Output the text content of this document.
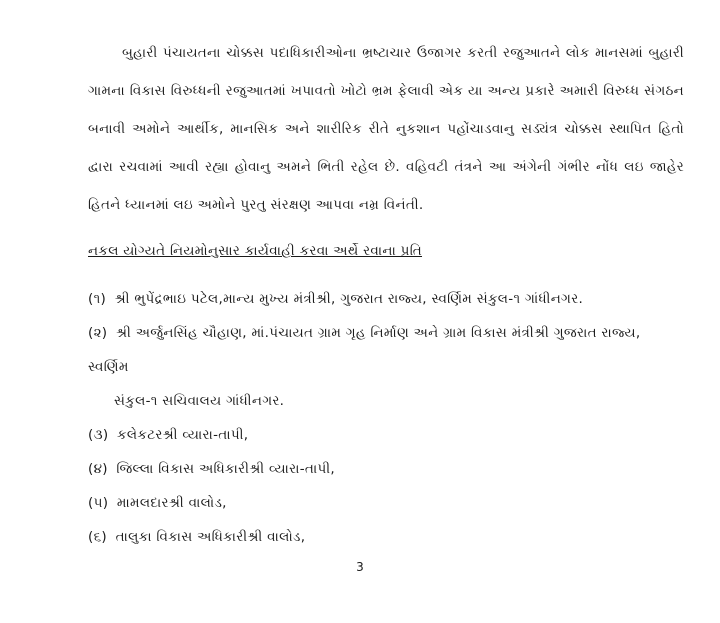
બુહારી પંચાયતના ચોક્કસ પદાધિકારીઓના ભ્રષ્ટાચાર ઉજાગર કરતી રજુઆતને લોક માનસમાં બુહારી ગામના વિકાસ વિરુધ્ધની રજુઆતમાં ખપાવતો ખોટો ભ્રમ ફેલાવી એક યા અન્ય પ્રકારે અમારી વિરુધ્ધ સંગઠન બનાવી અમોને આર્થીક, માનસિક અને શારીરિક રીતે નુકશાન પહોંચાડવાનુ સડ્યંત્ર ચોક્કસ સ્થાપિત હિતો દ્વારા રચવામાં આવી રહ્યા હોવાનુ અમને ભિતી રહેલ છે. વહિવટી તંત્રને આ અંગેની ગંભીર નોંધ લઇ જાહેર હિતને ધ્યાનમાં લઇ અમોને પુરતુ સંરક્ષણ આપવા નમ્ર વિનંતી.

નકલ યોગ્યતે નિયમોનુસાર કાર્યવાહી કરવા અર્થે રવાના પ્રતિ
(૧) શ્રી ભુપેંદ્રભાઇ પટેલ,માન્ય મુખ્ય મંત્રીશ્રી, ગુજરાત રાજ્ય, સ્વર્ણિમ સંકુલ-૧ ગાંધીનગર.
(૨) શ્રી અર્જુનસિંહ ચૌહાણ, માં.પંચાયત ગ્રામ ગૃહ નિર્માણ અને ગ્રામ વિકાસ મંત્રીશ્રી ગુજરાત રાજ્ય, સ્વર્ણિમ
સંકુલ-૧ સચિવાલય ગાંધીનગર.
(૩) કલેકટરશ્રી વ્યારા-તાપી,
(૪) જિલ્લા વિકાસ અધિકારીશ્રી વ્યારા-તાપી,
(૫) મામલદારશ્રી વાલોડ,
(૬) તાલુકા વિકાસ અધિકારીશ્રી વાલોડ,
3
